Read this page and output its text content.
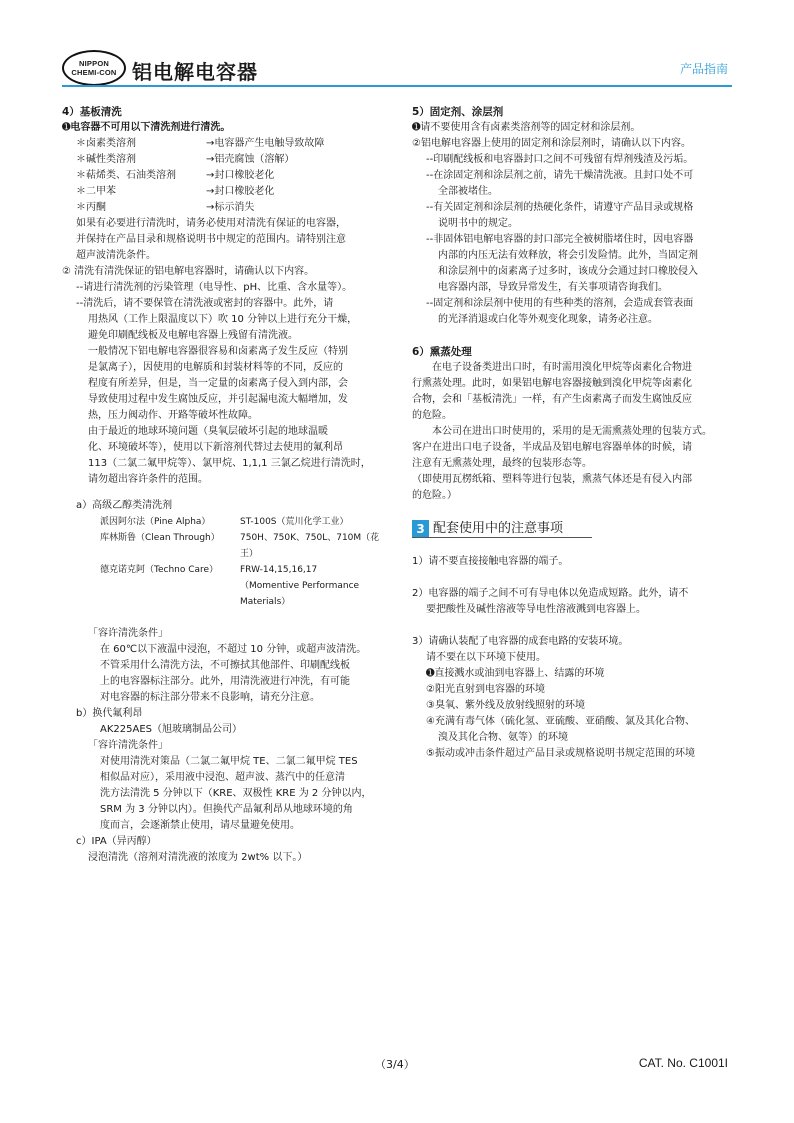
NIPPON
CHEMI-CON 铝电解电容器	产品指南
4）基板清洗
➊电容器不可用以下清洗剂进行清洗。
＊卤素类溶剂	→电容器产生电触导致故障
＊碱性类溶剂	→铝壳腐蚀（溶解）
＊萜烯类、石油类溶剂	→封口橡胶老化
＊二甲苯	→封口橡胶老化
＊丙酮	→标示消失
如果有必要进行清洗时，请务必使用对清洗有保证的电容器，
并保持在产品目录和规格说明书中规定的范围内。请特别注意
超声波清洗条件。
② 清洗有清洗保证的铝电解电容器时，请确认以下内容。
--请进行清洗剂的污染管理（电导性、pH、比重、含水量等）。
--清洗后，请不要保管在清洗液或密封的容器中。此外，请
用热风（工作上限温度以下）吹 10 分钟以上进行充分干燥，
避免印刷配线板及电解电容器上残留有清洗液。
一般情况下铝电解电容器很容易和卤素离子发生反应（特别
是氯离子），因使用的电解质和封装材料等的不同，反应的
程度有所差异，但是，当一定量的卤素离子侵入到内部，会
导致使用过程中发生腐蚀反应，并引起漏电流大幅增加，发
热，压力阀动作、开路等破坏性故障。
由于最近的地球环境问题（臭氧层破坏引起的地球温暖
化、环境破坏等），使用以下新溶剂代替过去使用的氟利昂
113（二氯二氟甲烷等）、氯甲烷、1,1,1 三氯乙烷进行清洗时，
请勿超出容许条件的范围。
a）高级乙醇类清洗剂
派因阿尔法（Pine Alpha）	ST-100S（荒川化学工业）
库林斯鲁（Clean Through）	750H、750K、750L、710M（花王）
德克诺克阿（Techno Care）	FRW-14,15,16,17
（Momentive Performance Materials）
「容许清洗条件」
在 60℃以下液温中浸泡，不超过 10 分钟，或超声波清洗。
不管采用什么清洗方法，不可擦拭其他部件、印刷配线板
上的电容器标注部分。此外，用清洗液进行冲洗，有可能
对电容器的标注部分带来不良影响，请充分注意。
b）换代氟利昂
AK225AES（旭玻璃制品公司）
「容许清洗条件」
对使用清洗对策品（二氯二氟甲烷 TE、二氯二氟甲烷 TES
相似品对应），采用液中浸泡、超声波、蒸汽中的任意清
洗方法清洗 5 分钟以下（KRE、双极性 KRE 为 2 分钟以内，
SRM 为 3 分钟以内）。但换代产品氟利昂从地球环境的角
度而言，会逐渐禁止使用，请尽量避免使用。
c）IPA（异丙醇）
浸泡清洗（溶剂对清洗液的浓度为 2wt% 以下。）
5）固定剂、涂层剂
➊请不要使用含有卤素类溶剂等的固定材和涂层剂。
②铝电解电容器上使用的固定剂和涂层剂时，请确认以下内容。
--印刷配线板和电容器封口之间不可残留有焊剂残渣及污垢。
--在涂固定剂和涂层剂之前，请先干燥清洗液。且封口处不可
全部被堵住。
--有关固定剂和涂层剂的热硬化条件，请遵守产品目录或规格
说明书中的规定。
--非固体铝电解电容器的封口部完全被树脂堵住时，因电容器
内部的内压无法有效释放，将会引发险情。此外，当固定剂
和涂层剂中的卤素离子过多时，该成分会通过封口橡胶侵入
电容器内部，导致异常发生，有关事项请咨询我们。
--固定剂和涂层剂中使用的有些种类的溶剂，会造成套管表面
的光泽消退或白化等外观变化现象，请务必注意。
6）熏蒸处理
在电子设备类进出口时，有时需用溴化甲烷等卤素化合物进
行熏蒸处理。此时，如果铝电解电容器接触到溴化甲烷等卤素化
合物，会和「基板清洗」一样，有产生卤素离子而发生腐蚀反应
的危险。
本公司在进出口时使用的，采用的是无需熏蒸处理的包装方式。
客户在进出口电子设备，半成品及铝电解电容器单体的时候，请
注意有无熏蒸处理，最终的包装形态等。
（即使用瓦楞纸箱、塑料等进行包装，熏蒸气体还是有侵入内部
的危险。）
3 配套使用中的注意事项
1）请不要直接接触电容器的端子。
2）电容器的端子之间不可有导电体以免造成短路。此外，请不
要把酸性及碱性溶液等导电性溶液溅到电容器上。
3）请确认装配了电容器的成套电路的安装环境。
请不要在以下环境下使用。
➊直接溅水或油到电容器上、结露的环境
②阳光直射到电容器的环境
③臭氧、紫外线及放射线照射的环境
④充满有毒气体（硫化氢、亚硫酸、亚硝酸、氯及其化合物、
溴及其化合物、氨等）的环境
⑤振动或冲击条件超过产品目录或规格说明书规定范围的环境
（3/4）	CAT. No. C1001I
